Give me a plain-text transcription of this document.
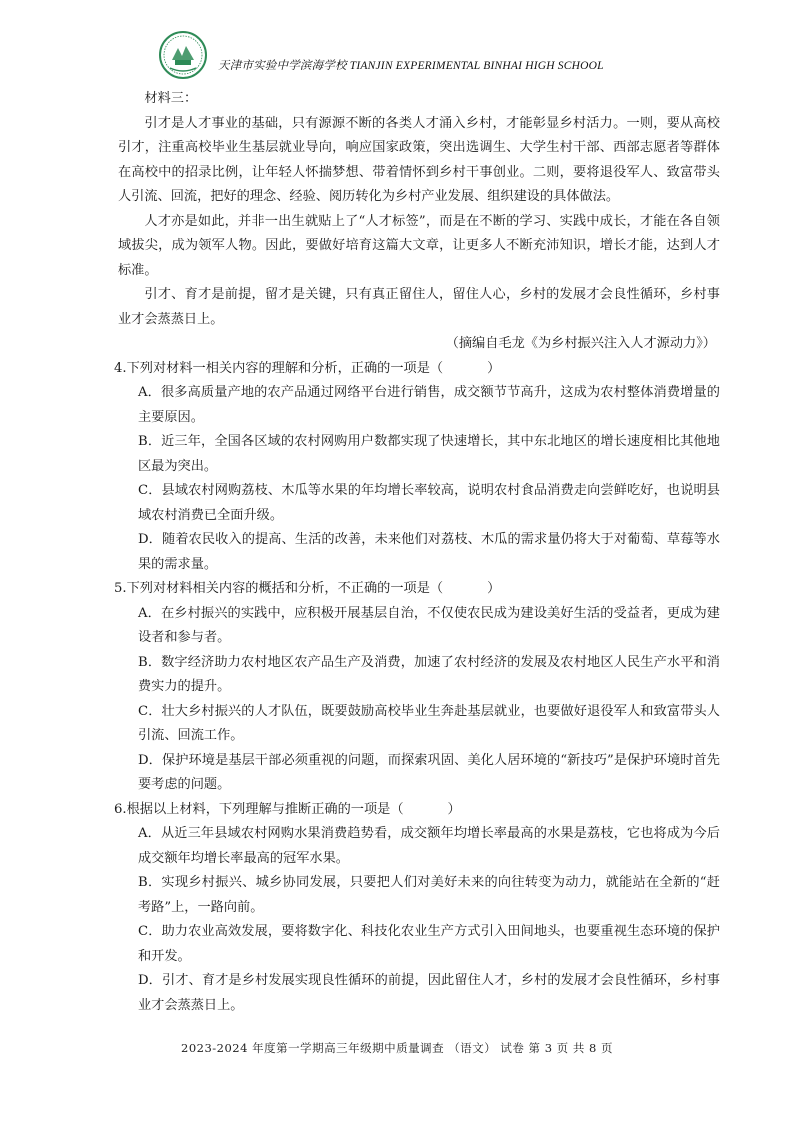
天津市实验中学滨海学校 TIANJIN EXPERIMENTAL BINHAI HIGH SCHOOL

材料三：

引才是人才事业的基础，只有源源不断的各类人才涌入乡村，才能彰显乡村活力。一则，要从高校引才，注重高校毕业生基层就业导向，响应国家政策，突出选调生、大学生村干部、西部志愿者等群体在高校中的招录比例，让年轻人怀揣梦想、带着情怀到乡村干事创业。二则，要将退役军人、致富带头人引流、回流，把好的理念、经验、阅历转化为乡村产业发展、组织建设的具体做法。

人才亦是如此，并非一出生就贴上了“人才标签”，而是在不断的学习、实践中成长，才能在各自领域拔尖，成为领军人物。因此，要做好培育这篇大文章，让更多人不断充沛知识，增长才能，达到人才标准。

引才、育才是前提，留才是关键，只有真正留住人，留住人心，乡村的发展才会良性循环，乡村事业才会蒸蒸日上。

（摘编自毛龙《为乡村振兴注入人才源动力》）

4.下列对材料一相关内容的理解和分析，正确的一项是（	）

A．很多高质量产地的农产品通过网络平台进行销售，成交额节节高升，这成为农村整体消费增量的主要原因。

B．近三年，全国各区域的农村网购用户数都实现了快速增长，其中东北地区的增长速度相比其他地区最为突出。

C．县域农村网购荔枝、木瓜等水果的年均增长率较高，说明农村食品消费走向尝鲜吃好，也说明县域农村消费已全面升级。

D．随着农民收入的提高、生活的改善，未来他们对荔枝、木瓜的需求量仍将大于对葡萄、草莓等水果的需求量。

5.下列对材料相关内容的概括和分析，不正确的一项是（	）

A．在乡村振兴的实践中，应积极开展基层自治，不仅使农民成为建设美好生活的受益者，更成为建设者和参与者。

B．数字经济助力农村地区农产品生产及消费，加速了农村经济的发展及农村地区人民生产水平和消费实力的提升。

C．壮大乡村振兴的人才队伍，既要鼓励高校毕业生奔赴基层就业，也要做好退役军人和致富带头人引流、回流工作。

D．保护环境是基层干部必须重视的问题，而探索巩固、美化人居环境的“新技巧”是保护环境时首先要考虑的问题。

6.根据以上材料，下列理解与推断正确的一项是（	）

A．从近三年县域农村网购水果消费趋势看，成交额年均增长率最高的水果是荔枝，它也将成为今后成交额年均增长率最高的冠军水果。

B．实现乡村振兴、城乡协同发展，只要把人们对美好未来的向往转变为动力，就能站在全新的“赶考路”上，一路向前。

C．助力农业高效发展，要将数字化、科技化农业生产方式引入田间地头，也要重视生态环境的保护和开发。

D．引才、育才是乡村发展实现良性循环的前提，因此留住人才，乡村的发展才会良性循环，乡村事业才会蒸蒸日上。

2023-2024 年度第一学期高三年级期中质量调查 （语文） 试卷 第 3 页 共 8 页
